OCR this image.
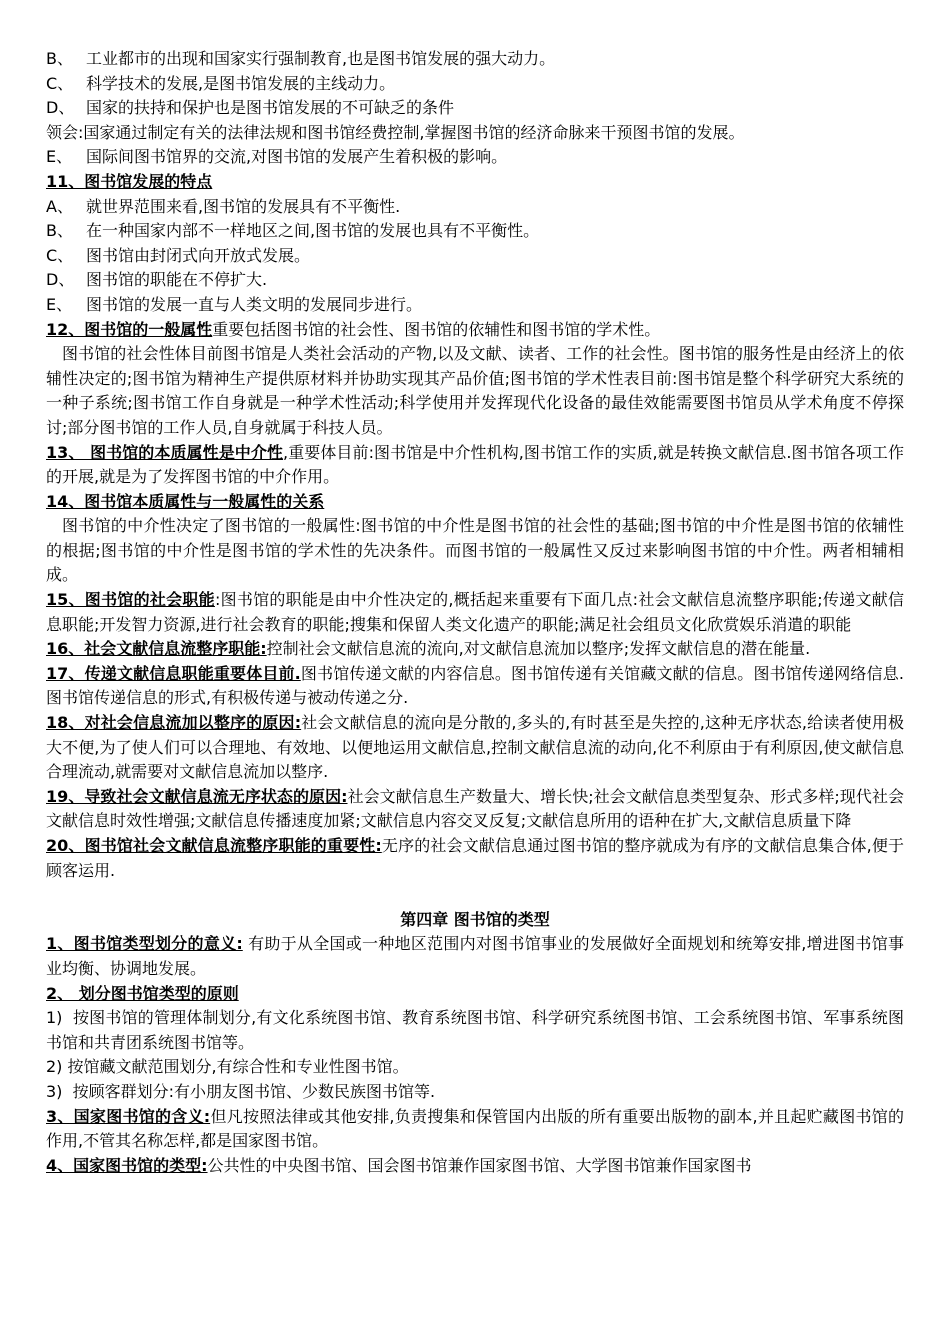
B、 工业都市的出现和国家实行强制教育,也是图书馆发展的强大动力。
C、 科学技术的发展,是图书馆发展的主线动力。
D、 国家的扶持和保护也是图书馆发展的不可缺乏的条件
领会:国家通过制定有关的法律法规和图书馆经费控制,掌握图书馆的经济命脉来干预图书馆的发展。
E、 国际间图书馆界的交流,对图书馆的发展产生着积极的影响。
11、图书馆发展的特点
A、 就世界范围来看,图书馆的发展具有不平衡性.
B、 在一种国家内部不一样地区之间,图书馆的发展也具有不平衡性。
C、 图书馆由封闭式向开放式发展。
D、 图书馆的职能在不停扩大.
E、 图书馆的发展一直与人类文明的发展同步进行。
12、图书馆的一般属性重要包括图书馆的社会性、图书馆的依辅性和图书馆的学术性。
图书馆的社会性体目前图书馆是人类社会活动的产物,以及文献、读者、工作的社会性。图书馆的服务性是由经济上的依辅性决定的;图书馆为精神生产提供原材料并协助实现其产品价值;图书馆的学术性表目前:图书馆是整个科学研究大系统的一种子系统;图书馆工作自身就是一种学术性活动;科学使用并发挥现代化设备的最佳效能需要图书馆员从学术角度不停探讨;部分图书馆的工作人员,自身就属于科技人员。
13、 图书馆的本质属性是中介性,重要体目前:图书馆是中介性机构,图书馆工作的实质,就是转换文献信息.图书馆各项工作的开展,就是为了发挥图书馆的中介作用。
14、图书馆本质属性与一般属性的关系
图书馆的中介性决定了图书馆的一般属性:图书馆的中介性是图书馆的社会性的基础;图书馆的中介性是图书馆的依辅性的根据;图书馆的中介性是图书馆的学术性的先决条件。而图书馆的一般属性又反过来影响图书馆的中介性。两者相辅相成。
15、图书馆的社会职能:图书馆的职能是由中介性决定的,概括起来重要有下面几点:社会文献信息流整序职能;传递文献信息职能;开发智力资源,进行社会教育的职能;搜集和保留人类文化遗产的职能;满足社会组员文化欣赏娱乐消遣的职能
16、社会文献信息流整序职能:控制社会文献信息流的流向,对文献信息流加以整序;发挥文献信息的潜在能量.
17、传递文献信息职能重要体目前.图书馆传递文献的内容信息。图书馆传递有关馆藏文献的信息。图书馆传递网络信息.图书馆传递信息的形式,有积极传递与被动传递之分.
18、对社会信息流加以整序的原因:社会文献信息的流向是分散的,多头的,有时甚至是失控的,这种无序状态,给读者使用极大不便,为了使人们可以合理地、有效地、以便地运用文献信息,控制文献信息流的动向,化不利原由于有利原因,使文献信息合理流动,就需要对文献信息流加以整序.
19、导致社会文献信息流无序状态的原因:社会文献信息生产数量大、增长快;社会文献信息类型复杂、形式多样;现代社会文献信息时效性增强;文献信息传播速度加紧;文献信息内容交叉反复;文献信息所用的语种在扩大,文献信息质量下降
20、图书馆社会文献信息流整序职能的重要性:无序的社会文献信息通过图书馆的整序就成为有序的文献信息集合体,便于顾客运用.
第四章 图书馆的类型
1、图书馆类型划分的意义: 有助于从全国或一种地区范围内对图书馆事业的发展做好全面规划和统筹安排,增进图书馆事业均衡、协调地发展。
2、 划分图书馆类型的原则
1) 按图书馆的管理体制划分,有文化系统图书馆、教育系统图书馆、科学研究系统图书馆、工会系统图书馆、军事系统图书馆和共青团系统图书馆等。
2) 按馆藏文献范围划分,有综合性和专业性图书馆。
3) 按顾客群划分:有小朋友图书馆、少数民族图书馆等.
3、国家图书馆的含义:但凡按照法律或其他安排,负责搜集和保管国内出版的所有重要出版物的副本,并且起贮藏图书馆的作用,不管其名称怎样,都是国家图书馆。
4、国家图书馆的类型:公共性的中央图书馆、国会图书馆兼作国家图书馆、大学图书馆兼作国家图书
